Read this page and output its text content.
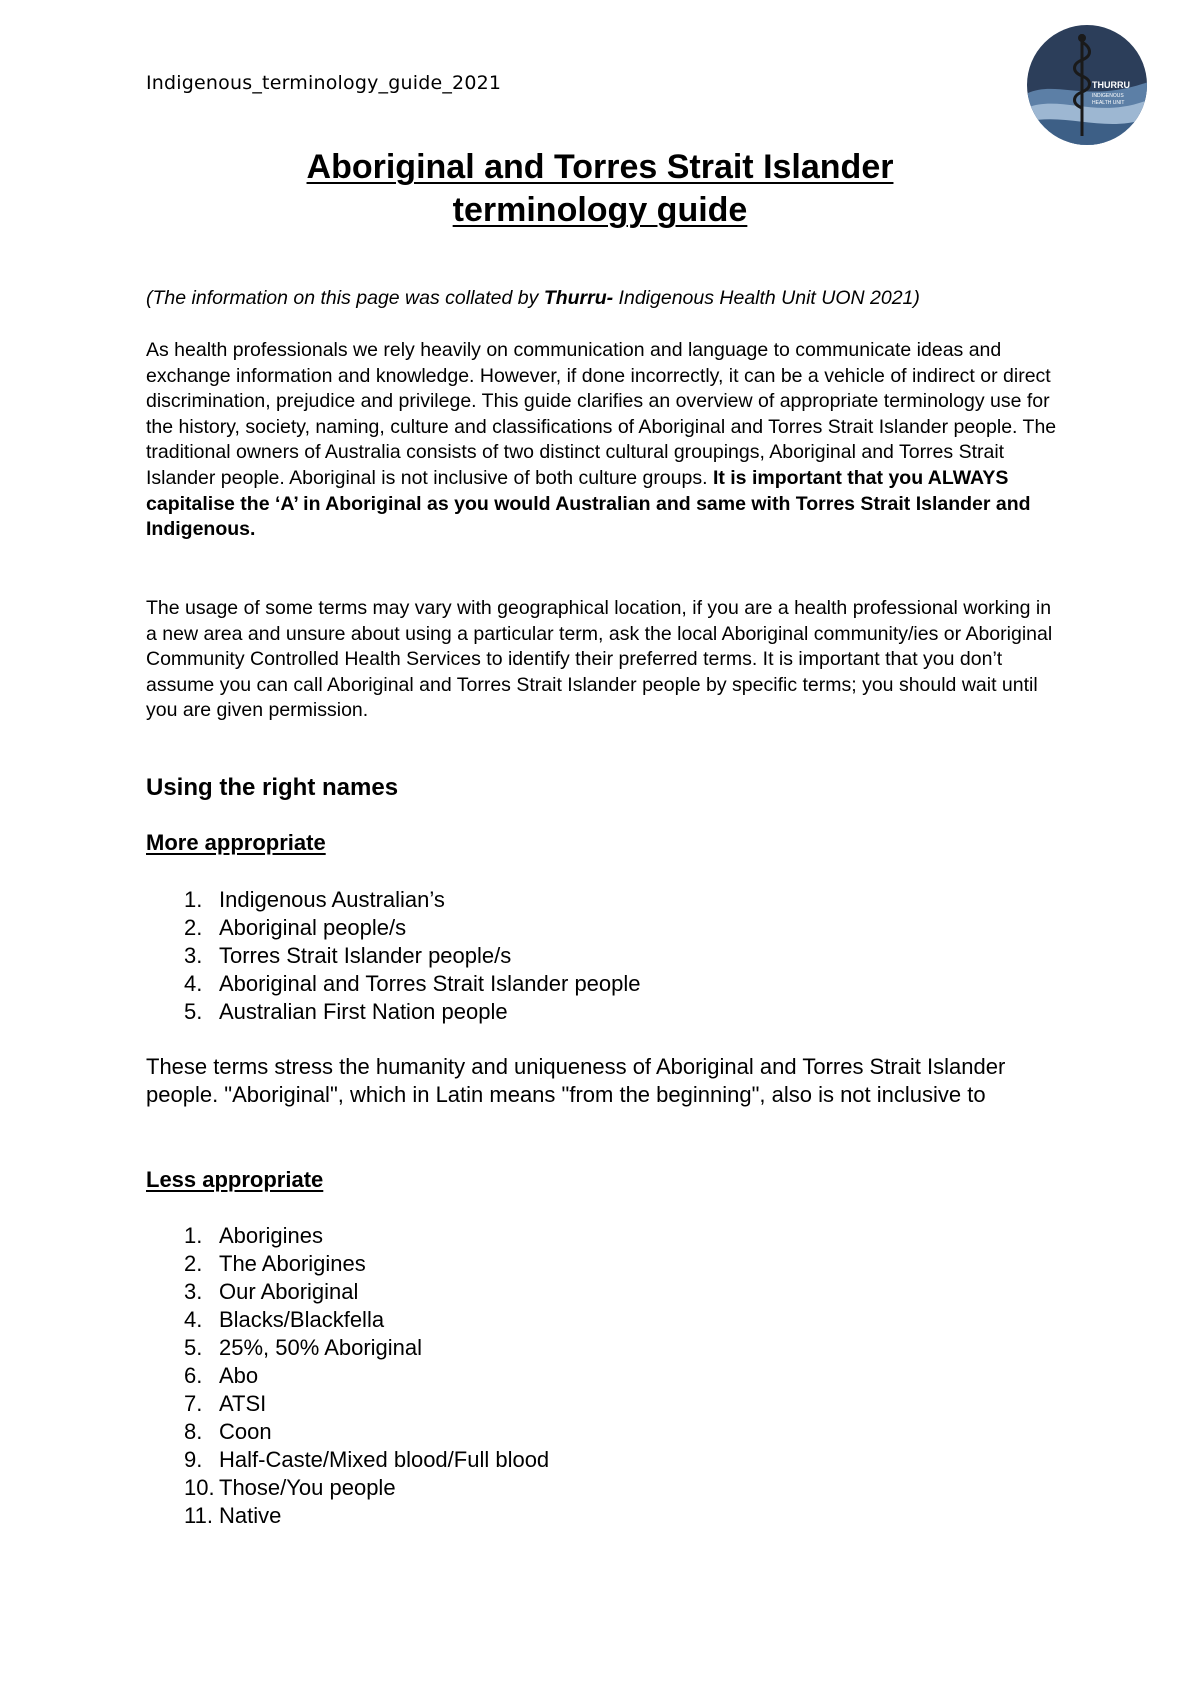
Indigenous_terminology_guide_2021	THURRU
INDIGENOUS
HEALTH UNIT
Aboriginal and Torres Strait Islander
terminology guide

(The information on this page was collated by Thurru- Indigenous Health Unit UON 2021)

As health professionals we rely heavily on communication and language to communicate ideas and exchange information and knowledge. However, if done incorrectly, it can be a vehicle of indirect or direct discrimination, prejudice and privilege. This guide clarifies an overview of appropriate terminology use for the history, society, naming, culture and classifications of Aboriginal and Torres Strait Islander people. The traditional owners of Australia consists of two distinct cultural groupings, Aboriginal and Torres Strait Islander people. Aboriginal is not inclusive of both culture groups. It is important that you ALWAYS capitalise the ‘A’ in Aboriginal as you would Australian and same with Torres Strait Islander and Indigenous.

The usage of some terms may vary with geographical location, if you are a health professional working in a new area and unsure about using a particular term, ask the local Aboriginal community/ies or Aboriginal Community Controlled Health Services to identify their preferred terms. It is important that you don’t assume you can call Aboriginal and Torres Strait Islander people by specific terms; you should wait until you are given permission.

Using the right names
More appropriate
1. Indigenous Australian’s
2. Aboriginal people/s
3. Torres Strait Islander people/s
4. Aboriginal and Torres Strait Islander people
5. Australian First Nation people

These terms stress the humanity and uniqueness of Aboriginal and Torres Strait Islander people. "Aboriginal", which in Latin means "from the beginning", also is not inclusive to

Less appropriate
1. Aborigines
2. The Aborigines
3. Our Aboriginal
4. Blacks/Blackfella
5. 25%, 50% Aboriginal
6. Abo
7. ATSI
8. Coon
9. Half-Caste/Mixed blood/Full blood
10. Those/You people
11. Native
